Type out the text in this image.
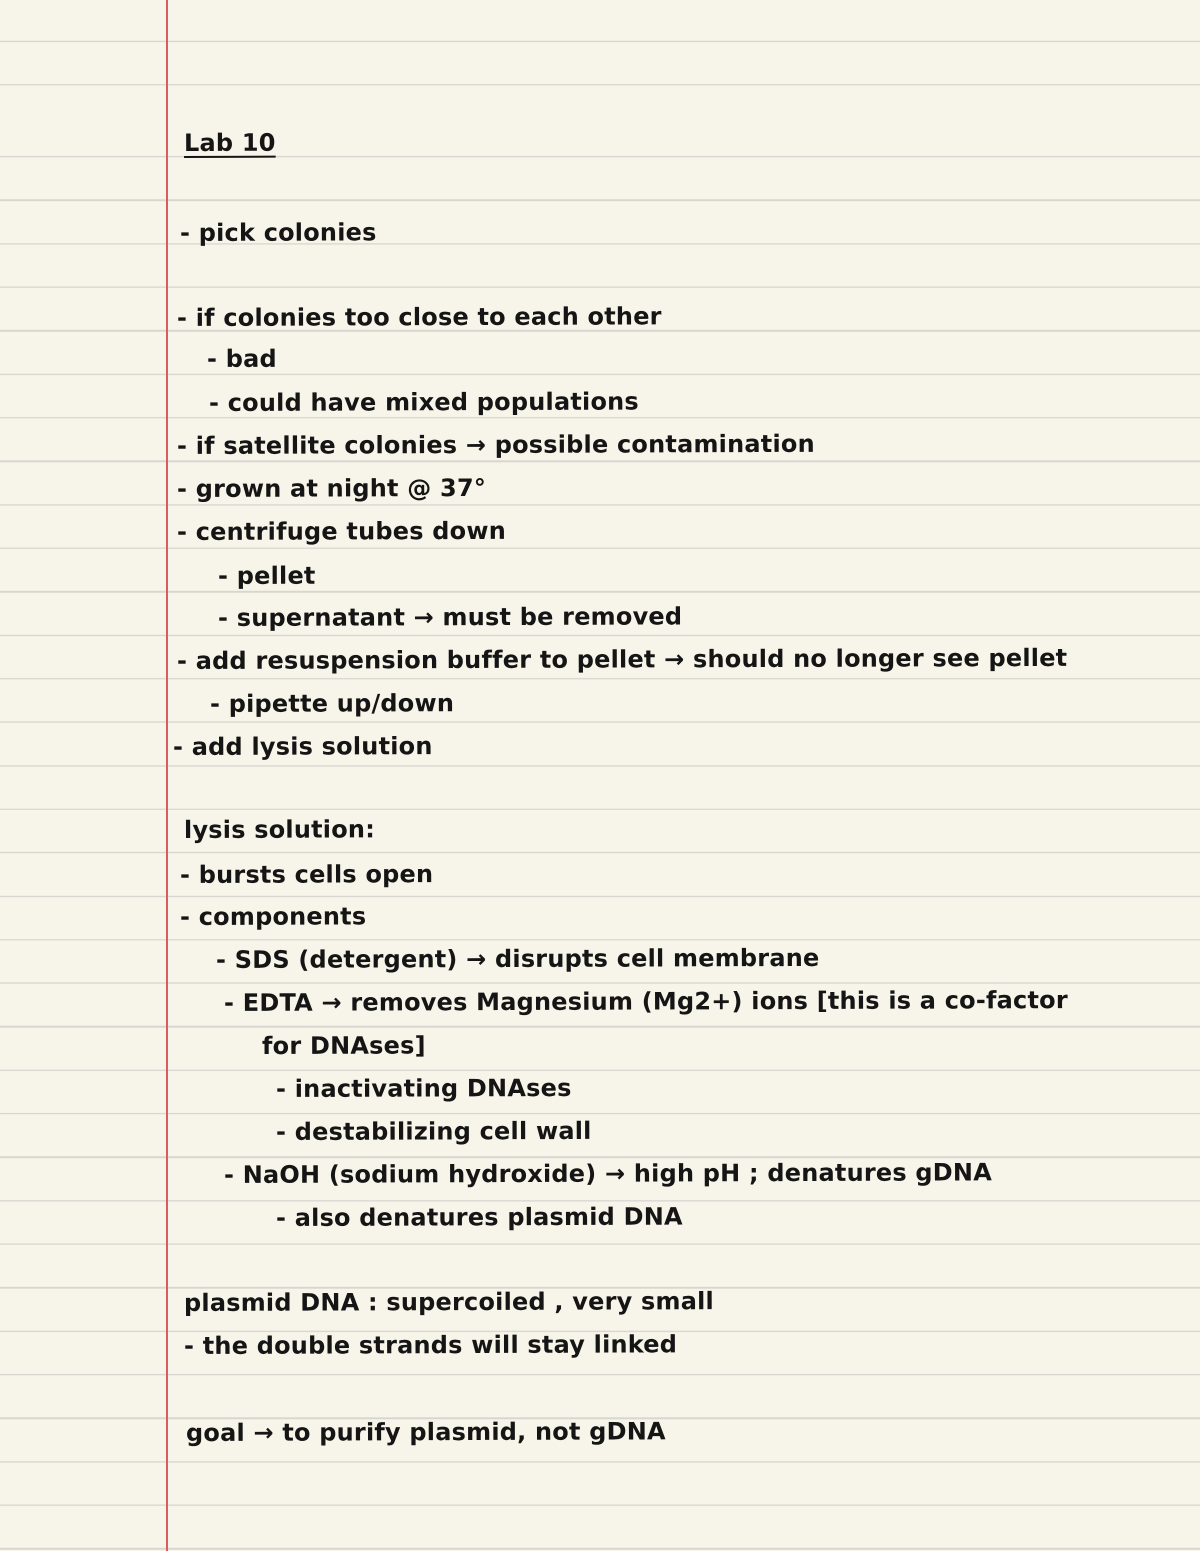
Lab 10
- pick colonies
- if colonies too close to each other
- bad
- could have mixed populations
- if satellite colonies → possible contamination
- grown at night @ 37°
- centrifuge tubes down
- pellet
- supernatant → must be removed
- add resuspension buffer to pellet → should no longer see pellet
- pipette up/down
- add lysis solution
lysis solution:
- bursts cells open
- components
- SDS (detergent) → disrupts cell membrane
- EDTA → removes Magnesium (Mg2+) ions [this is a co-factor
for DNAses]
- inactivating DNAses
- destabilizing cell wall
- NaOH (sodium hydroxide) → high pH ; denatures gDNA
- also denatures plasmid DNA
plasmid DNA : supercoiled , very small
- the double strands will stay linked
goal → to purify plasmid, not gDNA
